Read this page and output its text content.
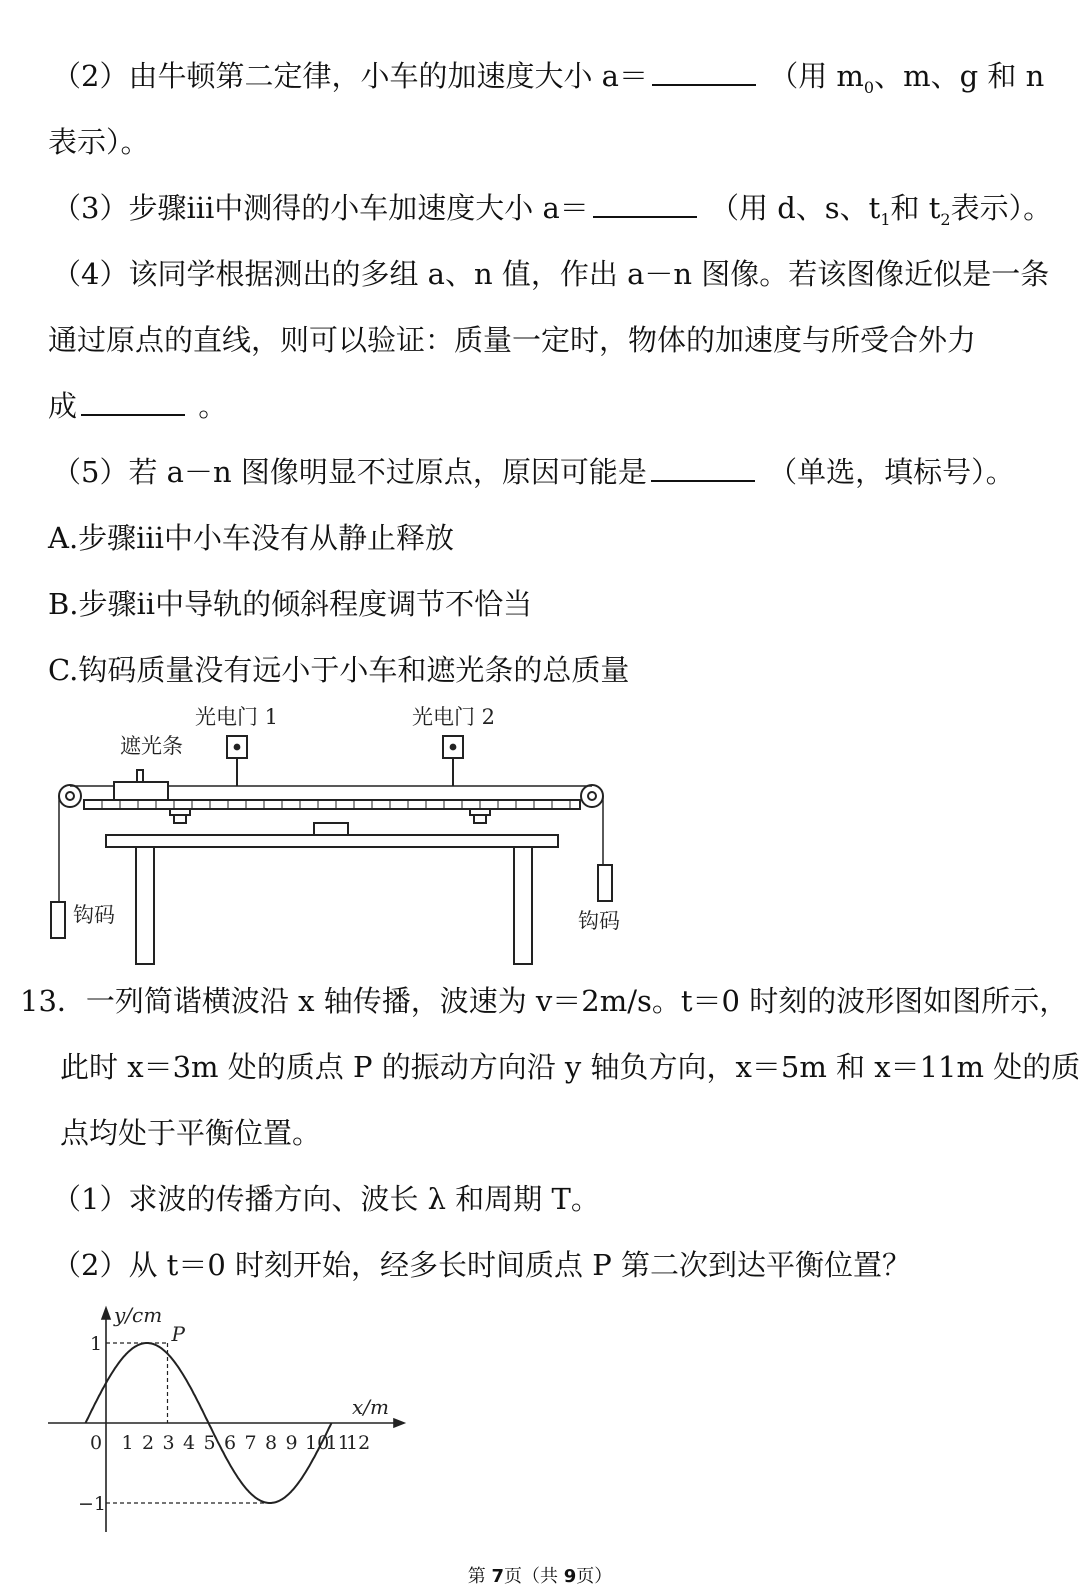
（2）由牛顿第二定律，小车的加速度大小 a＝	（用 $m_0$、m、g 和 n
表示）。
（3）步骤ⅲ中测得的小车加速度大小 a＝	（用 d、s、$t_1$和 $t_2$表示）。
（4）该同学根据测出的多组 a、n 值，作出 a－n 图像。若该图像近似是一条
通过原点的直线，则可以验证：质量一定时，物体的加速度与所受合外力
成	。
（5）若 a－n 图像明显不过原点，原因可能是	（单选，填标号）。
A.步骤ⅲ中小车没有从静止释放
B.步骤ⅱ中导轨的倾斜程度调节不恰当
C.钩码质量没有远小于小车和遮光条的总质量
光电门 1	光电门 2
遮光条
钩码	钩码
13．一列简谐横波沿 x 轴传播，波速为 v＝2m/s。t＝0 时刻的波形图如图所示，
此时 x＝3m 处的质点 P 的振动方向沿 y 轴负方向，x＝5m 和 x＝11m 处的质
点均处于平衡位置。
（1）求波的传播方向、波长 λ 和周期 T。
（2）从 t＝0 时刻开始，经多长时间质点 P 第二次到达平衡位置？
0 1 2 3 4 5 6 7 8 9 10
11
12
1
−1
P
y/cm
x/m
第 7页（共 9页）
